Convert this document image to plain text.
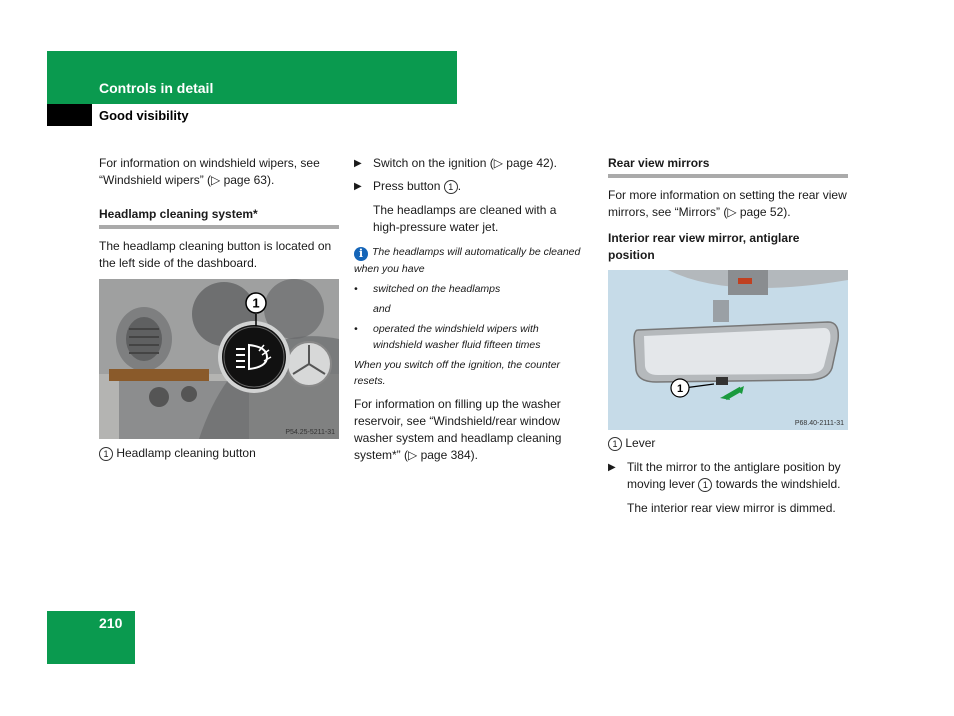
Controls in detail
Good visibility

For information on windshield wipers, see “Windshield wipers” (▷ page 63).

Headlamp cleaning system*

The headlamp cleaning button is located on the left side of the dashboard.

1
P54.25-5211-31

1 Headlamp cleaning button

▶ Switch on the ignition (▷ page 42).

▶ Press button 1 .

The headlamps are cleaned with a high-pressure water jet.

i The headlamps will automatically be cleaned when you have

• switched on the headlamps

and

• operated the windshield wipers with windshield washer fluid fifteen times

When you switch off the ignition, the counter resets.

For information on filling up the washer reservoir, see “Windshield/rear window washer system and headlamp cleaning system*” (▷ page 384).

Rear view mirrors

For more information on setting the rear view mirrors, see “Mirrors” (▷ page 52).

Interior rear view mirror, antiglare position

1
P68.40-2111-31

1 Lever

▶ Tilt the mirror to the antiglare position by moving lever 1 towards the windshield.

The interior rear view mirror is dimmed.

210
